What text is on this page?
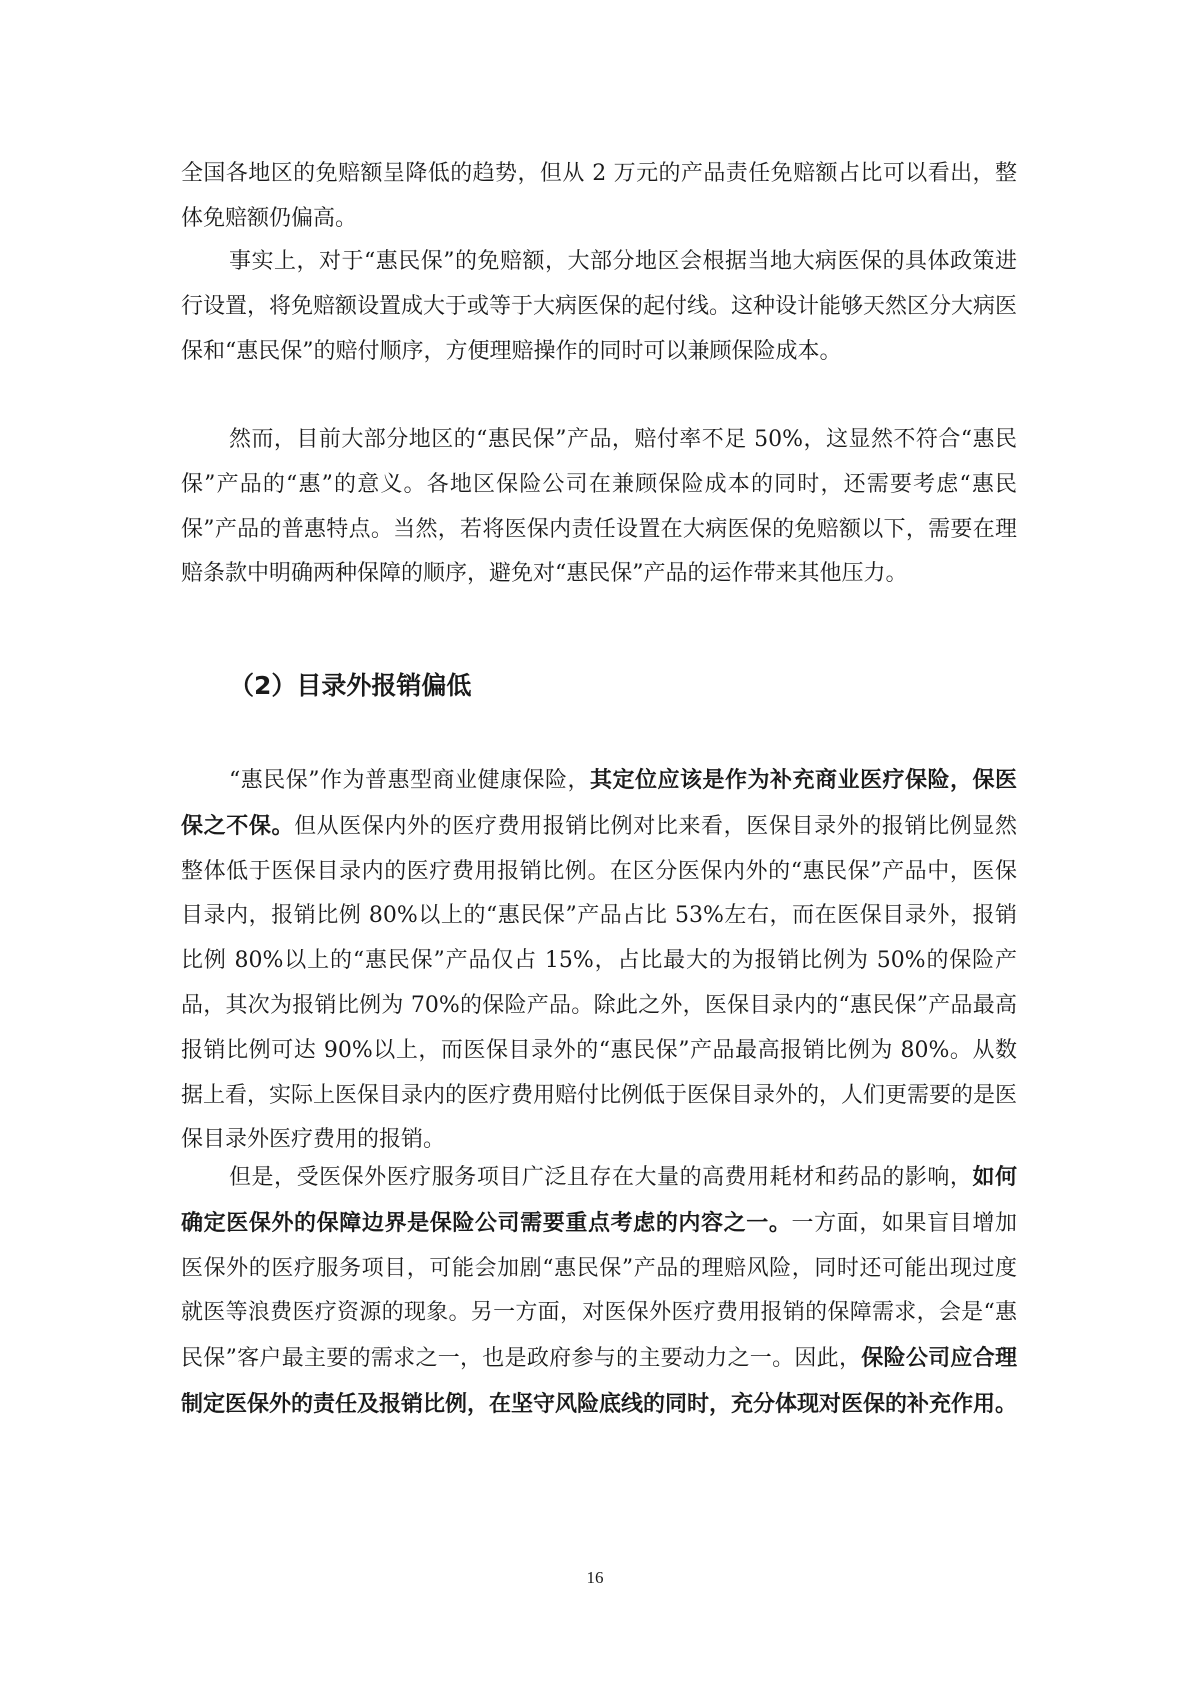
全国各地区的免赔额呈降低的趋势，但从 2 万元的产品责任免赔额占比可以看出，整体免赔额仍偏高。

事实上，对于“惠民保”的免赔额，大部分地区会根据当地大病医保的具体政策进行设置，将免赔额设置成大于或等于大病医保的起付线。这种设计能够天然区分大病医保和“惠民保”的赔付顺序，方便理赔操作的同时可以兼顾保险成本。

然而，目前大部分地区的“惠民保”产品，赔付率不足 50%，这显然不符合“惠民保”产品的“惠”的意义。各地区保险公司在兼顾保险成本的同时，还需要考虑“惠民保”产品的普惠特点。当然，若将医保内责任设置在大病医保的免赔额以下，需要在理赔条款中明确两种保障的顺序，避免对“惠民保”产品的运作带来其他压力。

（2）目录外报销偏低

“惠民保”作为普惠型商业健康保险，其定位应该是作为补充商业医疗保险，保医保之不保。但从医保内外的医疗费用报销比例对比来看，医保目录外的报销比例显然整体低于医保目录内的医疗费用报销比例。在区分医保内外的“惠民保”产品中，医保目录内，报销比例 80%以上的“惠民保”产品占比 53%左右，而在医保目录外，报销比例 80%以上的“惠民保”产品仅占 15%，占比最大的为报销比例为 50%的保险产品，其次为报销比例为 70%的保险产品。除此之外，医保目录内的“惠民保”产品最高报销比例可达 90%以上，而医保目录外的“惠民保”产品最高报销比例为 80%。从数据上看，实际上医保目录内的医疗费用赔付比例低于医保目录外的，人们更需要的是医保目录外医疗费用的报销。

但是，受医保外医疗服务项目广泛且存在大量的高费用耗材和药品的影响，如何确定医保外的保障边界是保险公司需要重点考虑的内容之一。一方面，如果盲目增加医保外的医疗服务项目，可能会加剧“惠民保”产品的理赔风险，同时还可能出现过度就医等浪费医疗资源的现象。另一方面，对医保外医疗费用报销的保障需求，会是“惠民保”客户最主要的需求之一，也是政府参与的主要动力之一。因此，保险公司应合理制定医保外的责任及报销比例，在坚守风险底线的同时，充分体现对医保的补充作用。

16
